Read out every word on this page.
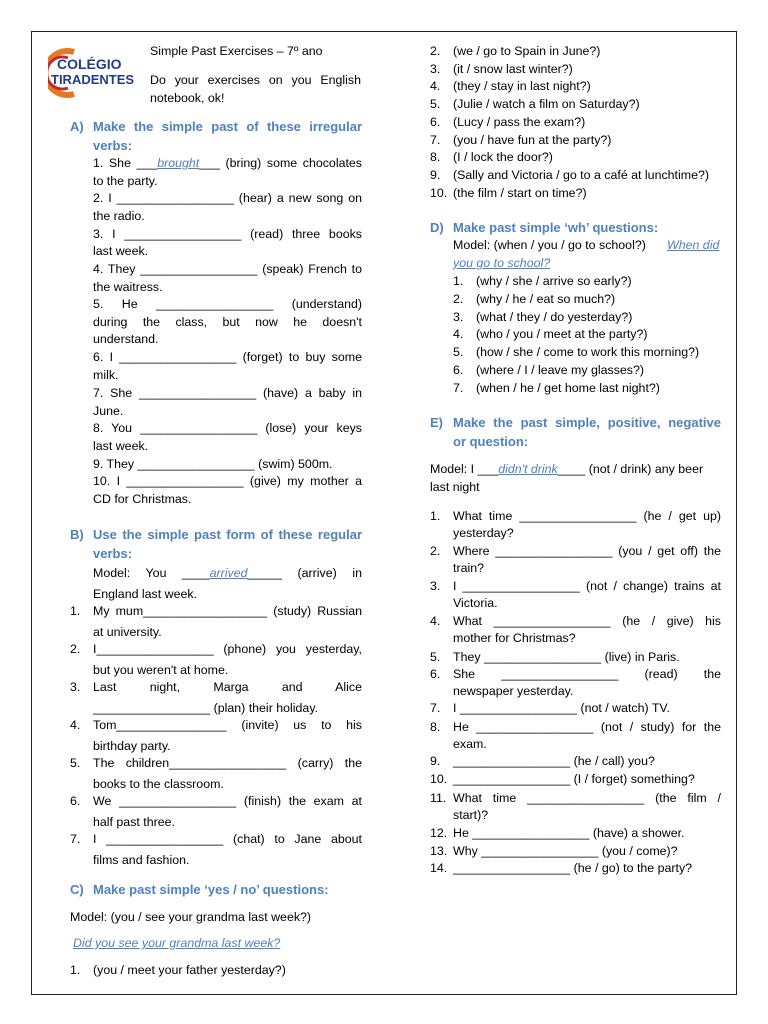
COLÉGIO
TIRADENTES
Simple Past Exercises – 7º ano
Do your exercises on you English
notebook, ok!
A) Make the simple past of these irregular
verbs:
B) Use the simple past form of these regular
verbs:
Model: You ____arrived_____ (arrive) in
England last week.
C) Make past simple ‘yes / no’ questions:
Model: (you / see your grandma last week?)
Did you see your grandma last week?
D) Make past simple ‘wh’ questions:
Model: (when / you / go to school?) When did
you go to school?
E) Make the past simple, positive, negative
or question:
Model: I ___didn't drink____ (not / drink) any beer
last night
1. She ___brought___ (bring) some chocolates
to the party.
2. I _________________ (hear) a new song on
the radio.
3. I _________________ (read) three books
last week.
4. They _________________ (speak) French to
the waitress.
5. He _________________ (understand)
during the class, but now he doesn't
understand.
6. I _________________ (forget) to buy some
milk.
7. She _________________ (have) a baby in
June.
8. You _________________ (lose) your keys
last week.
9. They _________________ (swim) 500m.
10. I _________________ (give) my mother a
CD for Christmas.
1. My mum__________________ (study) Russian
at university.
2. I_________________ (phone) you yesterday,
but you weren't at home.
3. Last night, Marga and Alice
_________________ (plan) their holiday.
4. Tom________________ (invite) us to his
birthday party.
5. The children_________________ (carry) the
books to the classroom.
6. We _________________ (finish) the exam at
half past three.
7. I _________________ (chat) to Jane about
films and fashion.
1. (you / meet your father yesterday?)
2. (we / go to Spain in June?)
3. (it / snow last winter?)
4. (they / stay in last night?)
5. (Julie / watch a film on Saturday?)
6. (Lucy / pass the exam?)
7. (you / have fun at the party?)
8. (I / lock the door?)
9. (Sally and Victoria / go to a café at lunchtime?)
10. (the film / start on time?)
1. (why / she / arrive so early?)
2. (why / he / eat so much?)
3. (what / they / do yesterday?)
4. (who / you / meet at the party?)
5. (how / she / come to work this morning?)
6. (where / I / leave my glasses?)
7. (when / he / get home last night?)
1. What time _________________ (he / get up)
yesterday?
2. Where _________________ (you / get off) the
train?
3. I _________________ (not / change) trains at
Victoria.
4. What _________________ (he / give) his
mother for Christmas?
5. They _________________ (live) in Paris.
6. She _________________ (read) the
newspaper yesterday.
7. I _________________ (not / watch) TV.
8. He _________________ (not / study) for the
exam.
9. _________________ (he / call) you?
10. _________________ (I / forget) something?
11. What time _________________ (the film /
start)?
12. He _________________ (have) a shower.
13. Why _________________ (you / come)?
14. _________________ (he / go) to the party?
